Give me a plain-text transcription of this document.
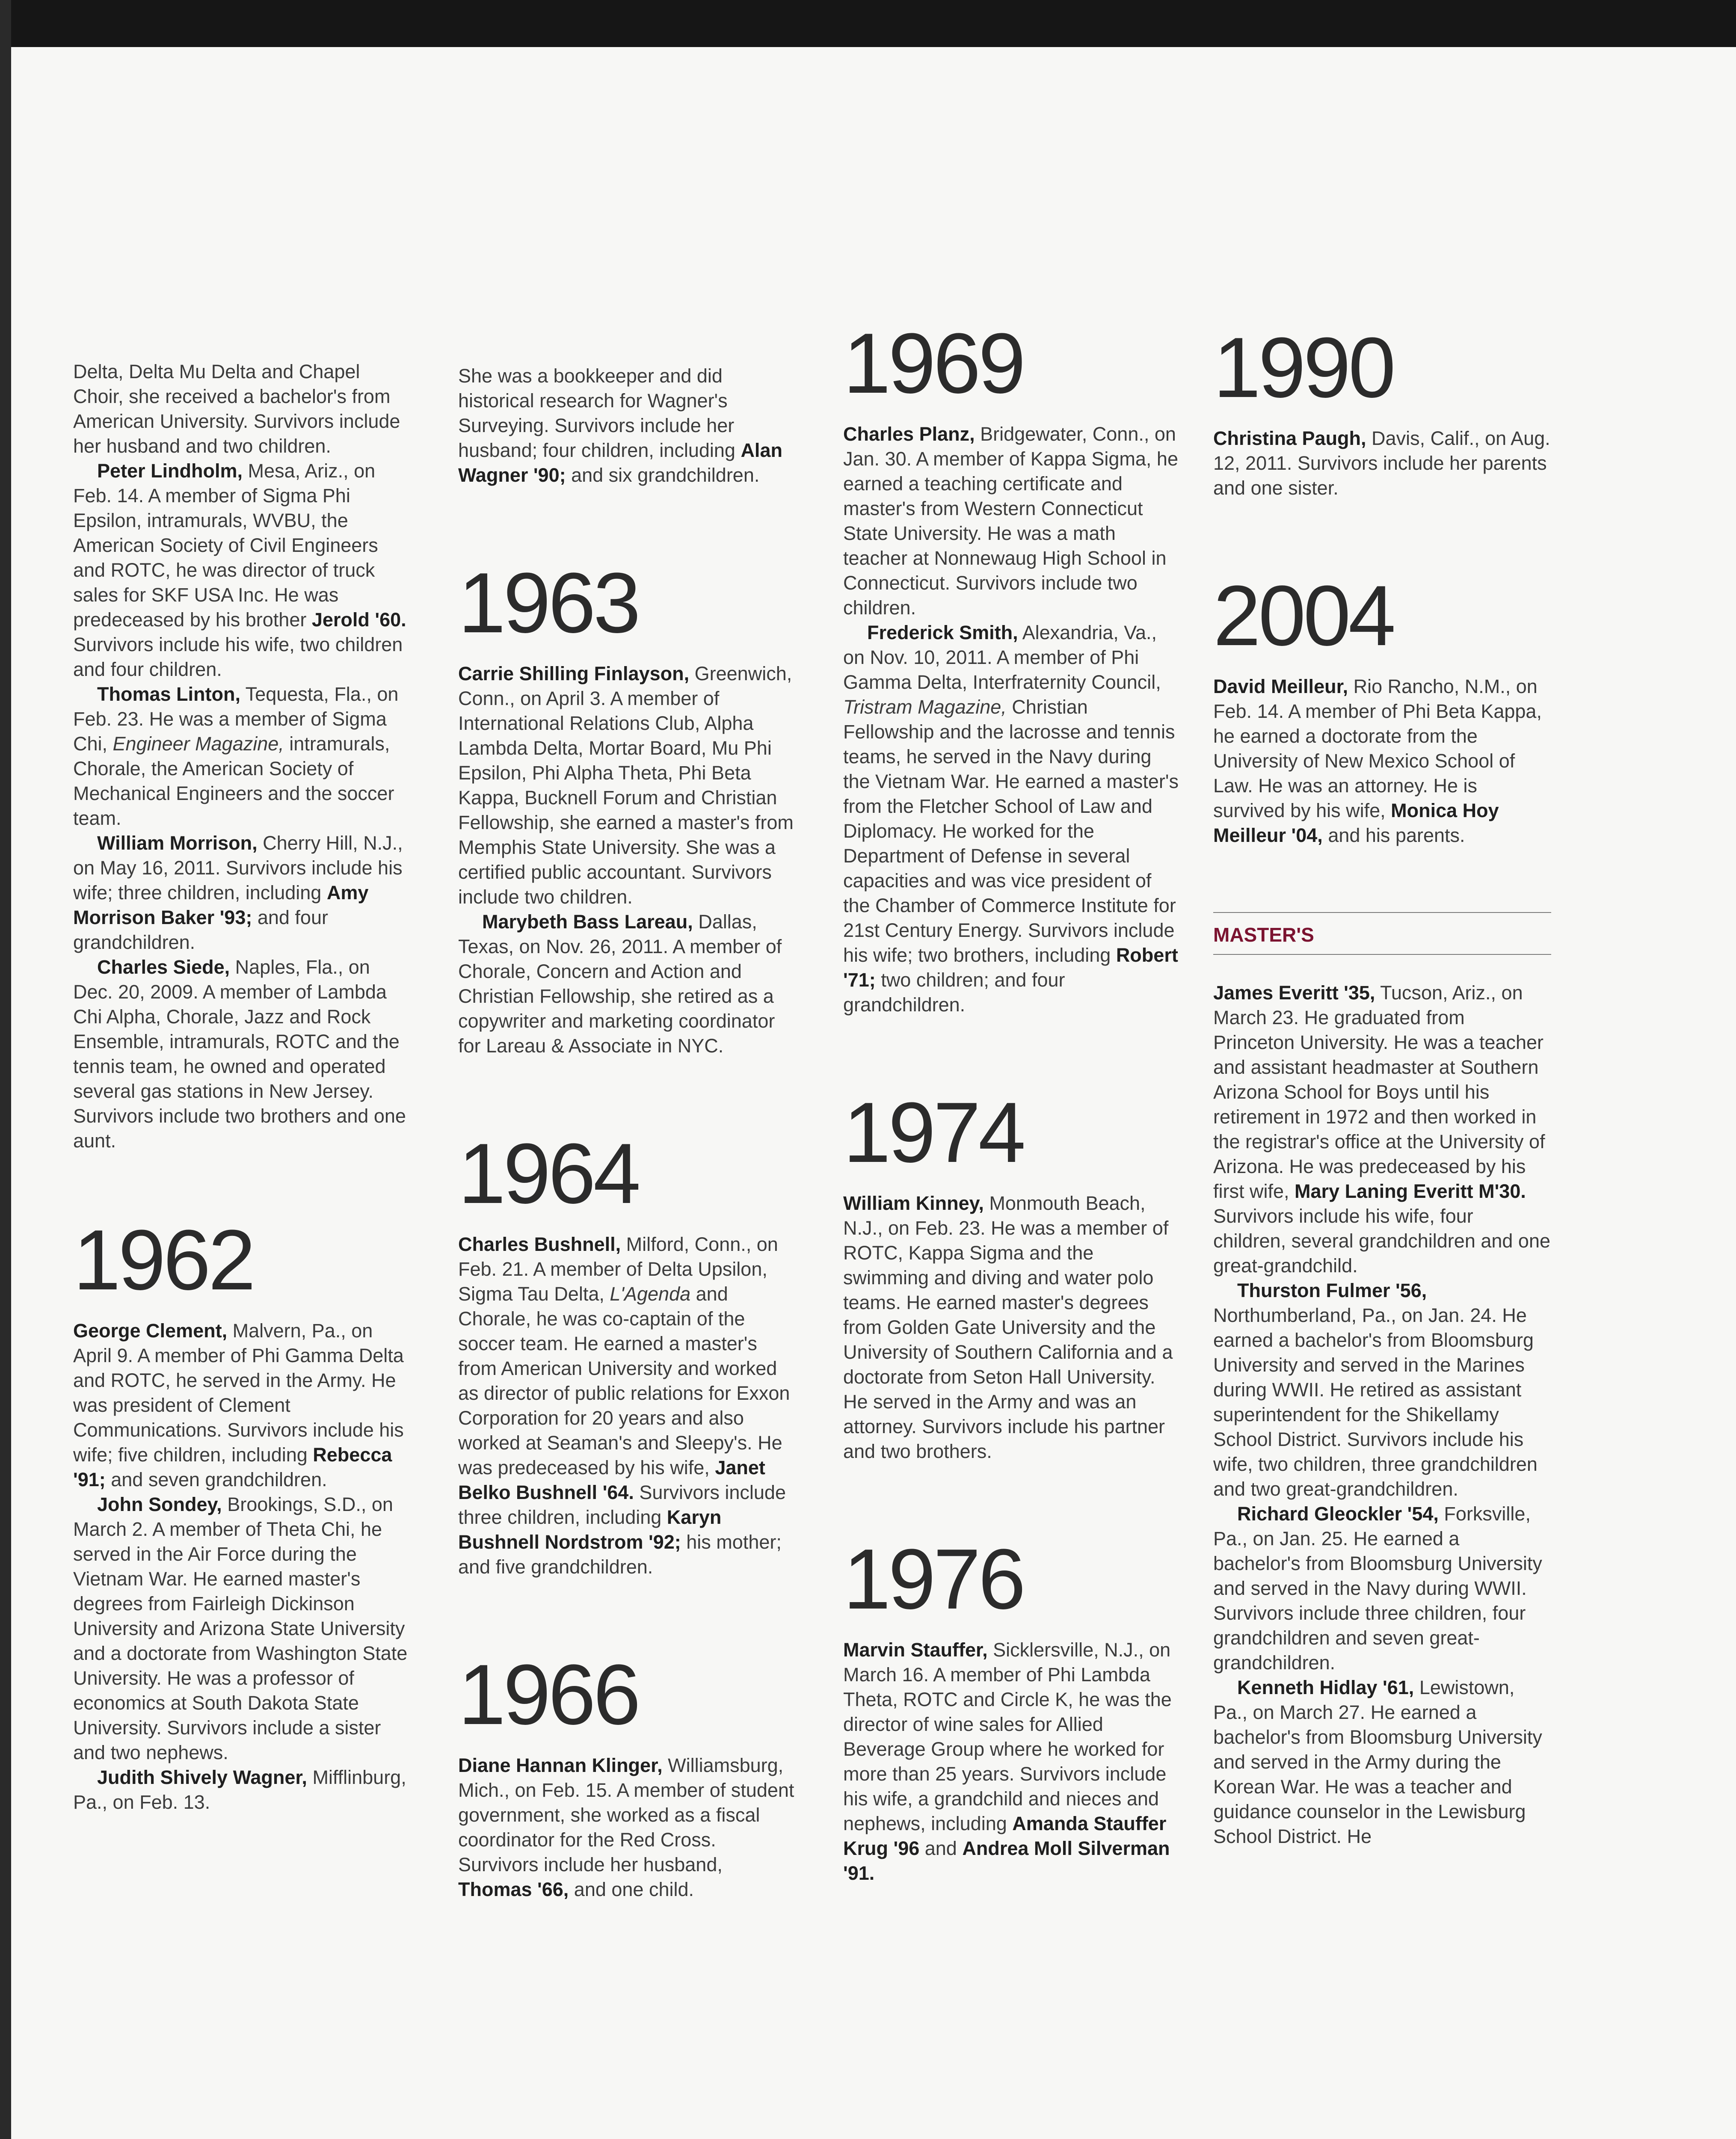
Delta, Delta Mu Delta and Chapel Choir, she received a bachelor's from American University. Survivors include her husband and two children.

Peter Lindholm, Mesa, Ariz., on Feb. 14. A member of Sigma Phi Epsilon, intramurals, WVBU, the American Society of Civil Engineers and ROTC, he was director of truck sales for SKF USA Inc. He was predeceased by his brother Jerold '60. Survivors include his wife, two children and four children.

Thomas Linton, Tequesta, Fla., on Feb. 23. He was a member of Sigma Chi, Engineer Magazine, intramurals, Chorale, the American Society of Mechanical Engineers and the soccer team.

William Morrison, Cherry Hill, N.J., on May 16, 2011. Survivors include his wife; three children, including Amy Morrison Baker '93; and four grandchildren.

Charles Siede, Naples, Fla., on Dec. 20, 2009. A member of Lambda Chi Alpha, Chorale, Jazz and Rock Ensemble, intramurals, ROTC and the tennis team, he owned and operated several gas stations in New Jersey. Survivors include two brothers and one aunt.

1962

George Clement, Malvern, Pa., on April 9. A member of Phi Gamma Delta and ROTC, he served in the Army. He was president of Clement Communications. Survivors include his wife; five children, including Rebecca '91; and seven grandchildren.

John Sondey, Brookings, S.D., on March 2. A member of Theta Chi, he served in the Air Force during the Vietnam War. He earned master's degrees from Fairleigh Dickinson University and Arizona State University and a doctorate from Washington State University. He was a professor of economics at South Dakota State University. Survivors include a sister and two nephews.

Judith Shively Wagner, Mifflinburg, Pa., on Feb. 13.

She was a bookkeeper and did historical research for Wagner's Surveying. Survivors include her husband; four children, including Alan Wagner '90; and six grandchildren.

1963

Carrie Shilling Finlayson, Greenwich, Conn., on April 3. A member of International Relations Club, Alpha Lambda Delta, Mortar Board, Mu Phi Epsilon, Phi Alpha Theta, Phi Beta Kappa, Bucknell Forum and Christian Fellowship, she earned a master's from Memphis State University. She was a certified public accountant. Survivors include two children.

Marybeth Bass Lareau, Dallas, Texas, on Nov. 26, 2011. A member of Chorale, Concern and Action and Christian Fellowship, she retired as a copywriter and marketing coordinator for Lareau & Associate in NYC.

1964

Charles Bushnell, Milford, Conn., on Feb. 21. A member of Delta Upsilon, Sigma Tau Delta, L'Agenda and Chorale, he was co-captain of the soccer team. He earned a master's from American University and worked as director of public relations for Exxon Corporation for 20 years and also worked at Seaman's and Sleepy's. He was predeceased by his wife, Janet Belko Bushnell '64. Survivors include three children, including Karyn Bushnell Nordstrom '92; his mother; and five grandchildren.

1966

Diane Hannan Klinger, Williamsburg, Mich., on Feb. 15. A member of student government, she worked as a fiscal coordinator for the Red Cross. Survivors include her husband, Thomas '66, and one child.

1969

Charles Planz, Bridgewater, Conn., on Jan. 30. A member of Kappa Sigma, he earned a teaching certificate and master's from Western Connecticut State University. He was a math teacher at Nonnewaug High School in Connecticut. Survivors include two children.

Frederick Smith, Alexandria, Va., on Nov. 10, 2011. A member of Phi Gamma Delta, Interfraternity Council, Tristram Magazine, Christian Fellowship and the lacrosse and tennis teams, he served in the Navy during the Vietnam War. He earned a master's from the Fletcher School of Law and Diplomacy. He worked for the Department of Defense in several capacities and was vice president of the Chamber of Commerce Institute for 21st Century Energy. Survivors include his wife; two brothers, including Robert '71; two children; and four grandchildren.

1974

William Kinney, Monmouth Beach, N.J., on Feb. 23. He was a member of ROTC, Kappa Sigma and the swimming and diving and water polo teams. He earned master's degrees from Golden Gate University and the University of Southern California and a doctorate from Seton Hall University. He served in the Army and was an attorney. Survivors include his partner and two brothers.

1976

Marvin Stauffer, Sicklersville, N.J., on March 16. A member of Phi Lambda Theta, ROTC and Circle K, he was the director of wine sales for Allied Beverage Group where he worked for more than 25 years. Survivors include his wife, a grandchild and nieces and nephews, including Amanda Stauffer Krug '96 and Andrea Moll Silverman '91.

1990

Christina Paugh, Davis, Calif., on Aug. 12, 2011. Survivors include her parents and one sister.

2004

David Meilleur, Rio Rancho, N.M., on Feb. 14. A member of Phi Beta Kappa, he earned a doctorate from the University of New Mexico School of Law. He was an attorney. He is survived by his wife, Monica Hoy Meilleur '04, and his parents.

MASTER'S

James Everitt '35, Tucson, Ariz., on March 23. He graduated from Princeton University. He was a teacher and assistant headmaster at Southern Arizona School for Boys until his retirement in 1972 and then worked in the registrar's office at the University of Arizona. He was predeceased by his first wife, Mary Laning Everitt M'30. Survivors include his wife, four children, several grandchildren and one great-grandchild.

Thurston Fulmer '56, Northumberland, Pa., on Jan. 24. He earned a bachelor's from Bloomsburg University and served in the Marines during WWII. He retired as assistant superintendent for the Shikellamy School District. Survivors include his wife, two children, three grandchildren and two great-grandchildren.

Richard Gleockler '54, Forksville, Pa., on Jan. 25. He earned a bachelor's from Bloomsburg University and served in the Navy during WWII. Survivors include three children, four grandchildren and seven great-grandchildren.

Kenneth Hidlay '61, Lewistown, Pa., on March 27. He earned a bachelor's from Bloomsburg University and served in the Army during the Korean War. He was a teacher and guidance counselor in the Lewisburg School District. He
